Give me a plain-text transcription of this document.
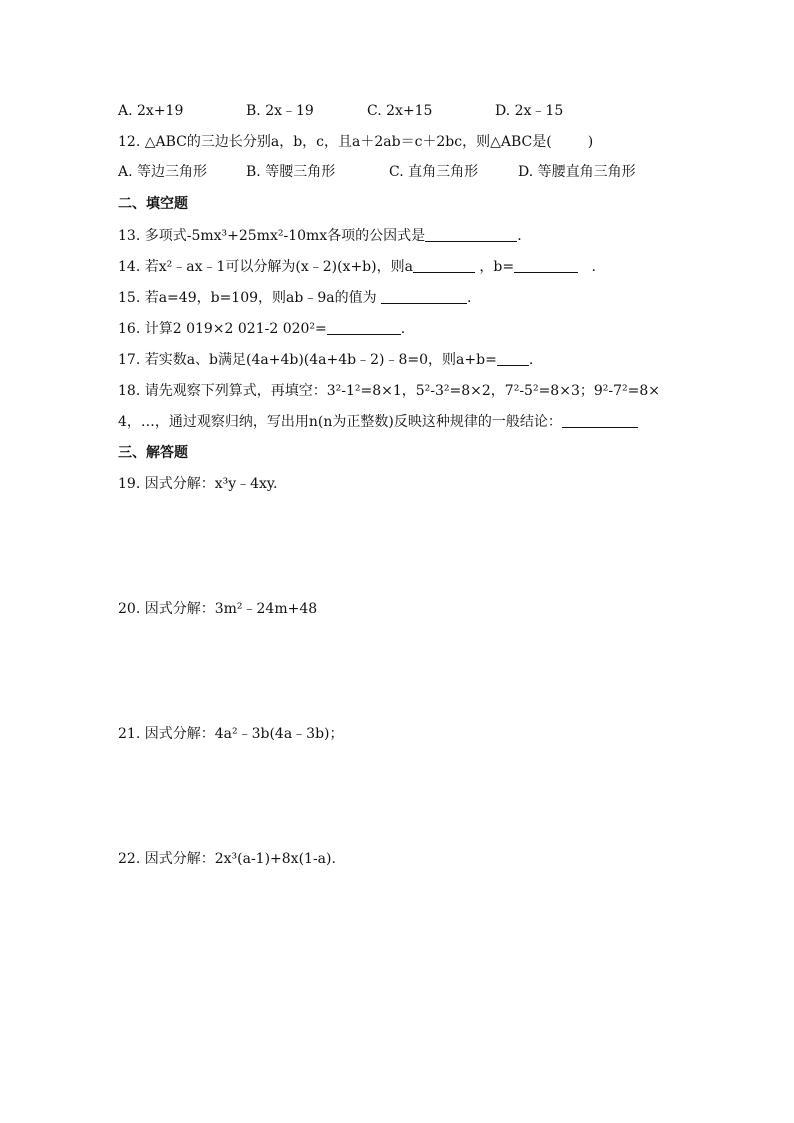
A. 2x+19	B. 2x﹣19	C. 2x+15	D. 2x﹣15
12. △ABC的三边长分别a，b，c，且a＋2ab＝c＋2bc，则△ABC是(	)
A. 等边三角形	B. 等腰三角形	C. 直角三角形	D. 等腰直角三角形
二、填空题
13. 多项式-5mx³+25mx²-10mx各项的公因式是	.
14. 若x²﹣ax﹣1可以分解为(x﹣2)(x+b)，则a	，b=	.
15. 若a=49，b=109，则ab﹣9a的值为	.
16. 计算2 019×2 021-2 020²=	.
17. 若实数a、b满足(4a+4b)(4a+4b﹣2)﹣8=0，则a+b= .
18. 请先观察下列算式，再填空：3²-1²=8×1，5²-3²=8×2，7²-5²=8×3；9²-7²=8×
4，…，通过观察归纳，写出用n(n为正整数)反映这种规律的一般结论：
三、解答题
19. 因式分解：x³y﹣4xy.
20. 因式分解：3m²﹣24m+48
21. 因式分解：4a²﹣3b(4a﹣3b)；
22. 因式分解：2x³(a-1)+8x(1-a).
